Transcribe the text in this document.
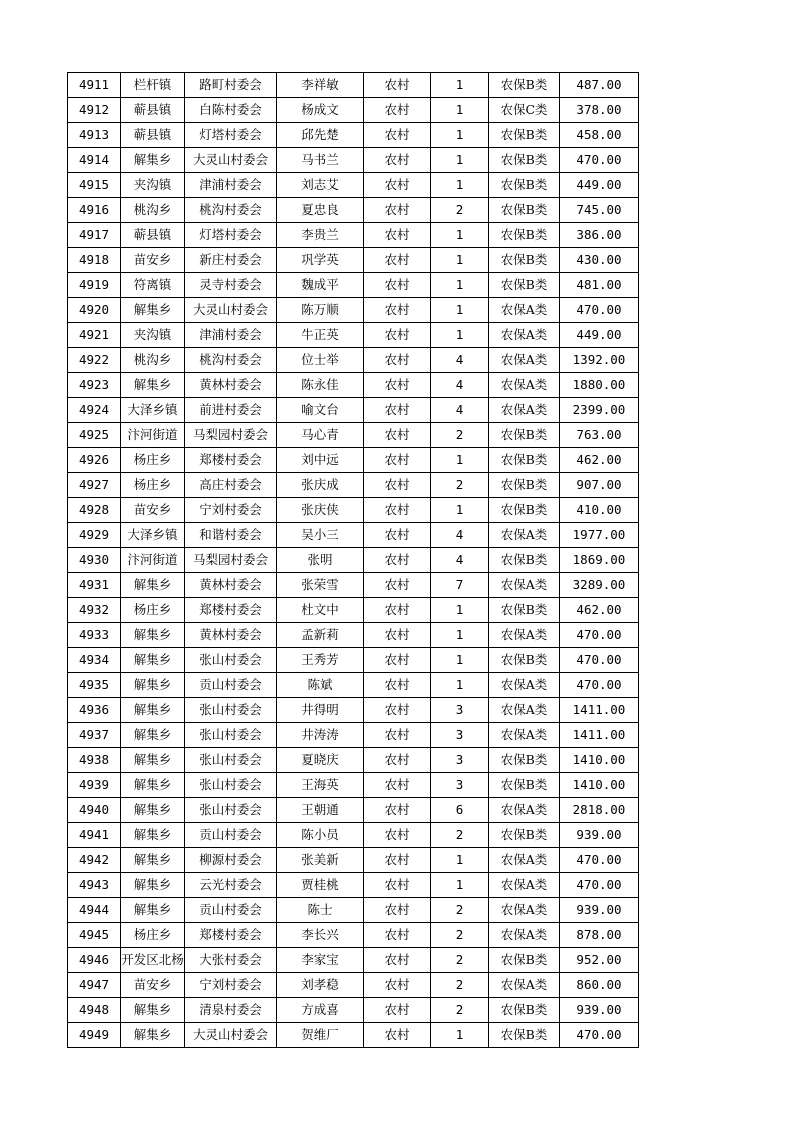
4911	栏杆镇	路町村委会	李祥敏	农村	1	农保B类	487.00
4912	蕲县镇	白陈村委会	杨成文	农村	1	农保C类	378.00
4913	蕲县镇	灯塔村委会	邱先楚	农村	1	农保B类	458.00
4914	解集乡	大灵山村委会	马书兰	农村	1	农保B类	470.00
4915	夹沟镇	津浦村委会	刘志艾	农村	1	农保B类	449.00
4916	桃沟乡	桃沟村委会	夏忠良	农村	2	农保B类	745.00
4917	蕲县镇	灯塔村委会	李贵兰	农村	1	农保B类	386.00
4918	苗安乡	新庄村委会	巩学英	农村	1	农保B类	430.00
4919	符离镇	灵寺村委会	魏成平	农村	1	农保B类	481.00
4920	解集乡	大灵山村委会	陈万顺	农村	1	农保A类	470.00
4921	夹沟镇	津浦村委会	牛正英	农村	1	农保A类	449.00
4922	桃沟乡	桃沟村委会	位士举	农村	4	农保A类	1392.00
4923	解集乡	黄林村委会	陈永佳	农村	4	农保A类	1880.00
4924	大泽乡镇	前进村委会	喻文台	农村	4	农保A类	2399.00
4925	汴河街道	马梨园村委会	马心青	农村	2	农保B类	763.00
4926	杨庄乡	郑楼村委会	刘中远	农村	1	农保B类	462.00
4927	杨庄乡	高庄村委会	张庆成	农村	2	农保B类	907.00
4928	苗安乡	宁刘村委会	张庆侠	农村	1	农保B类	410.00
4929	大泽乡镇	和谐村委会	吴小三	农村	4	农保A类	1977.00
4930	汴河街道	马梨园村委会	张明	农村	4	农保B类	1869.00
4931	解集乡	黄林村委会	张荣雪	农村	7	农保A类	3289.00
4932	杨庄乡	郑楼村委会	杜文中	农村	1	农保B类	462.00
4933	解集乡	黄林村委会	孟新莉	农村	1	农保A类	470.00
4934	解集乡	张山村委会	王秀芳	农村	1	农保B类	470.00
4935	解集乡	贡山村委会	陈斌	农村	1	农保A类	470.00
4936	解集乡	张山村委会	井得明	农村	3	农保A类	1411.00
4937	解集乡	张山村委会	井涛涛	农村	3	农保A类	1411.00
4938	解集乡	张山村委会	夏晓庆	农村	3	农保B类	1410.00
4939	解集乡	张山村委会	王海英	农村	3	农保B类	1410.00
4940	解集乡	张山村委会	王朝通	农村	6	农保A类	2818.00
4941	解集乡	贡山村委会	陈小员	农村	2	农保B类	939.00
4942	解集乡	柳源村委会	张美新	农村	1	农保A类	470.00
4943	解集乡	云光村委会	贾桂桃	农村	1	农保A类	470.00
4944	解集乡	贡山村委会	陈士	农村	2	农保A类	939.00
4945	杨庄乡	郑楼村委会	李长兴	农村	2	农保A类	878.00
4946	开发区北杨	大张村委会	李家宝	农村	2	农保B类	952.00
4947	苗安乡	宁刘村委会	刘孝稳	农村	2	农保A类	860.00
4948	解集乡	清泉村委会	方成喜	农村	2	农保B类	939.00
4949	解集乡	大灵山村委会	贺维厂	农村	1	农保B类	470.00
